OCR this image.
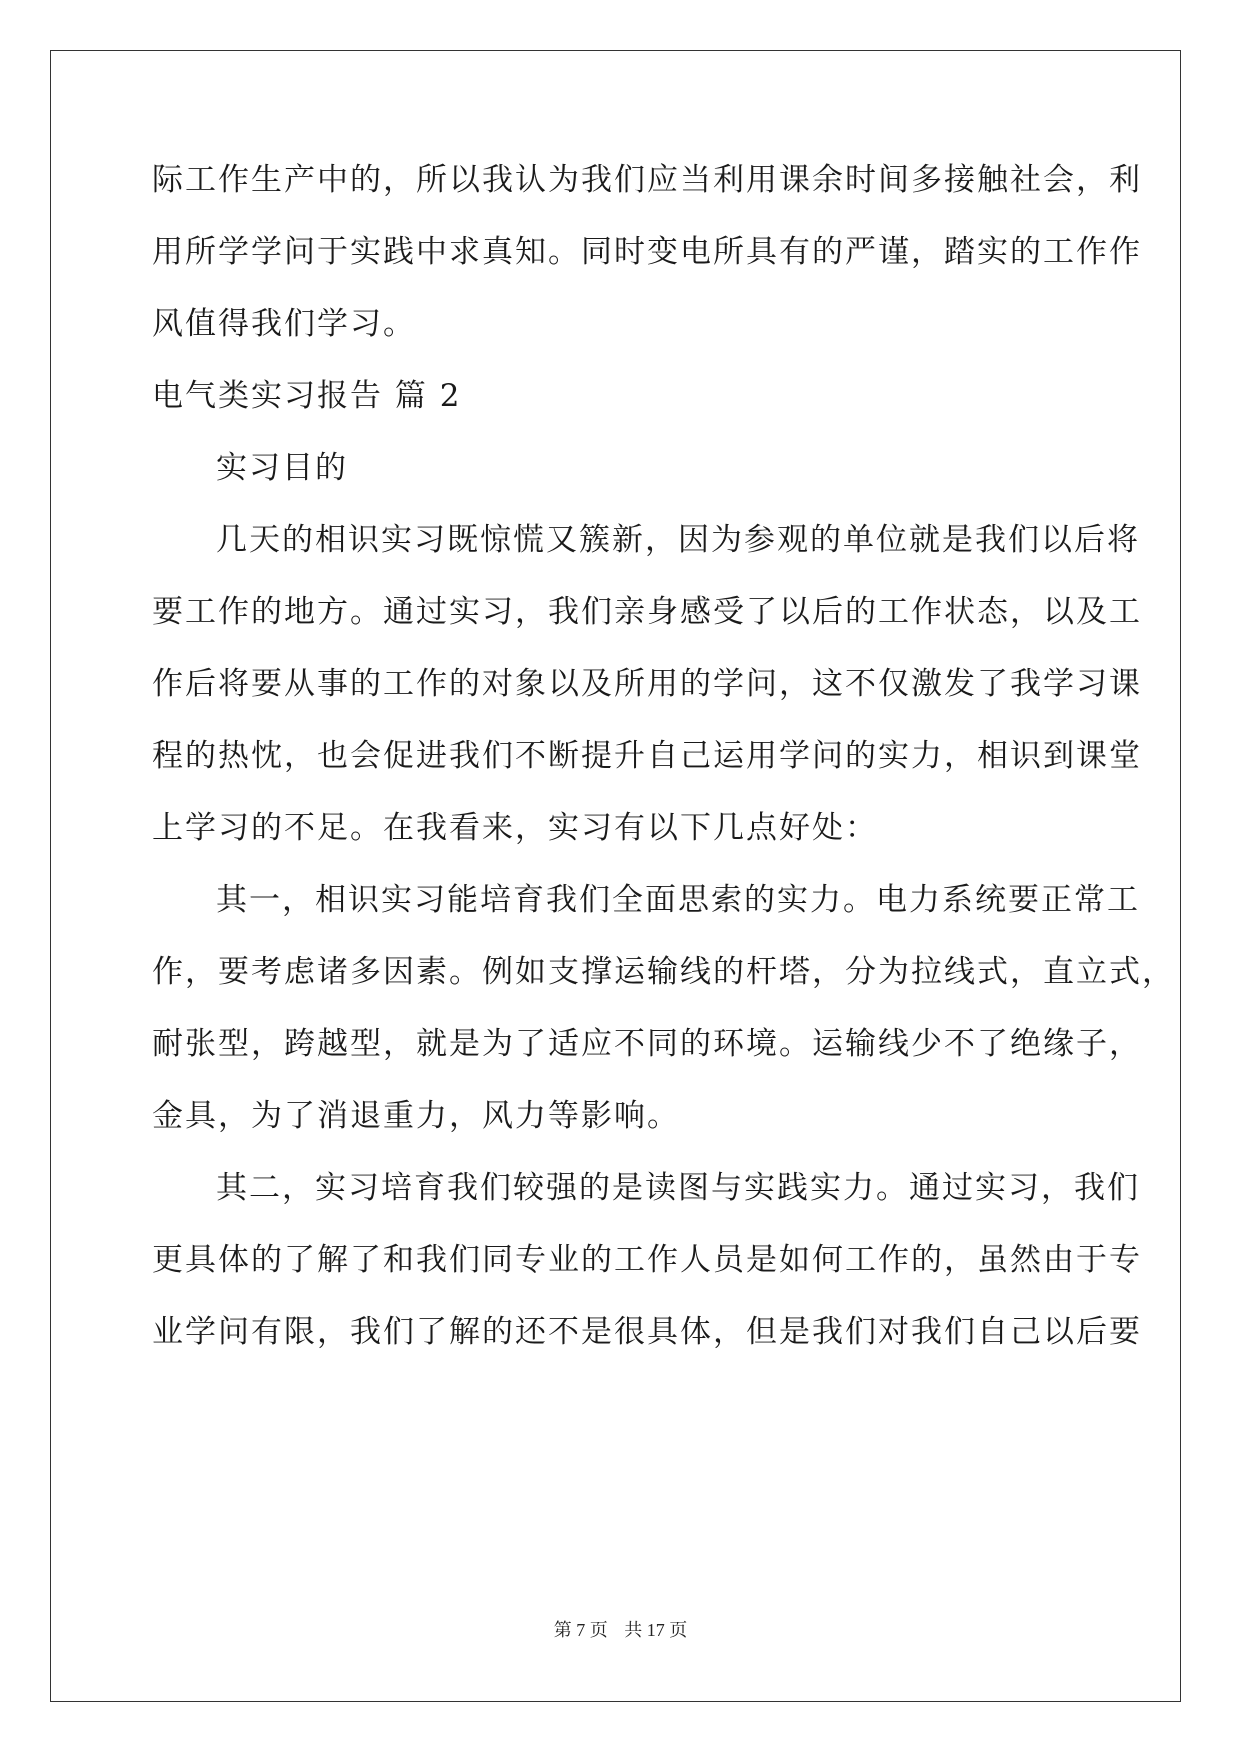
际工作生产中的，所以我认为我们应当利用课余时间多接触社会，利
用所学学问于实践中求真知。同时变电所具有的严谨，踏实的工作作
风值得我们学习。
电气类实习报告 篇 2
实习目的
几天的相识实习既惊慌又簇新，因为参观的单位就是我们以后将
要工作的地方。通过实习，我们亲身感受了以后的工作状态，以及工
作后将要从事的工作的对象以及所用的学问，这不仅激发了我学习课
程的热忱，也会促进我们不断提升自己运用学问的实力，相识到课堂
上学习的不足。在我看来，实习有以下几点好处：
其一，相识实习能培育我们全面思索的实力。电力系统要正常工
作，要考虑诸多因素。例如支撑运输线的杆塔，分为拉线式，直立式，
耐张型，跨越型，就是为了适应不同的环境。运输线少不了绝缘子，
金具，为了消退重力，风力等影响。
其二，实习培育我们较强的是读图与实践实力。通过实习，我们
更具体的了解了和我们同专业的工作人员是如何工作的，虽然由于专
业学问有限，我们了解的还不是很具体，但是我们对我们自己以后要
第 7 页 共 17 页
